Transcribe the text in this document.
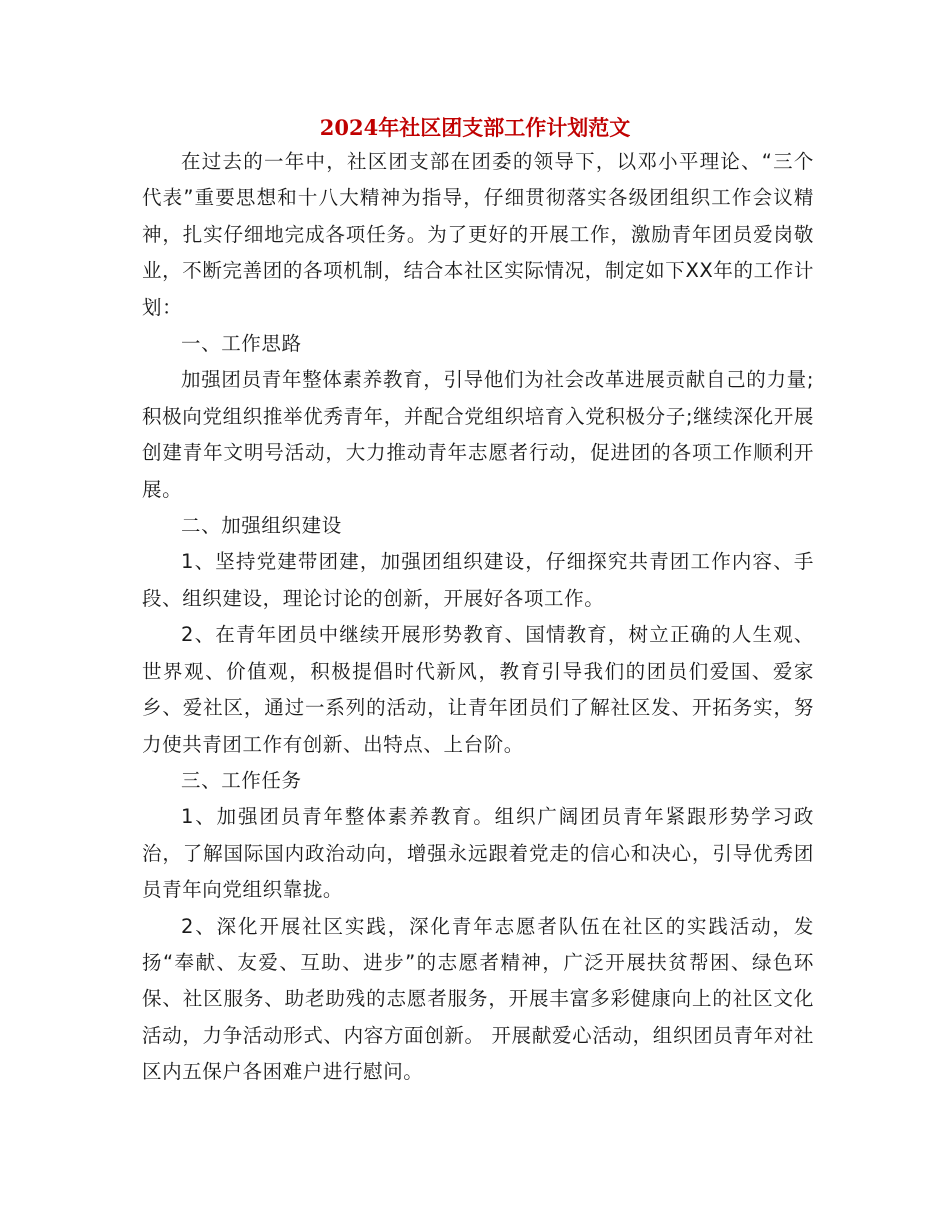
2024年社区团支部工作计划范文

在过去的一年中，社区团支部在团委的领导下，以邓小平理论、“三个代表”重要思想和十八大精神为指导，仔细贯彻落实各级团组织工作会议精神，扎实仔细地完成各项任务。为了更好的开展工作，激励青年团员爱岗敬业，不断完善团的各项机制，结合本社区实际情况，制定如下XX年的工作计划：

一、工作思路

加强团员青年整体素养教育，引导他们为社会改革进展贡献自己的力量;积极向党组织推举优秀青年，并配合党组织培育入党积极分子;继续深化开展创建青年文明号活动，大力推动青年志愿者行动，促进团的各项工作顺利开展。

二、加强组织建设

1、坚持党建带团建，加强团组织建设，仔细探究共青团工作内容、手段、组织建设，理论讨论的创新，开展好各项工作。

2、在青年团员中继续开展形势教育、国情教育，树立正确的人生观、世界观、价值观，积极提倡时代新风，教育引导我们的团员们爱国、爱家乡、爱社区，通过一系列的活动，让青年团员们了解社区发、开拓务实，努力使共青团工作有创新、出特点、上台阶。

三、工作任务

1、加强团员青年整体素养教育。组织广阔团员青年紧跟形势学习政治，了解国际国内政治动向，增强永远跟着党走的信心和决心，引导优秀团员青年向党组织靠拢。

2、深化开展社区实践，深化青年志愿者队伍在社区的实践活动，发扬“奉献、友爱、互助、进步”的志愿者精神，广泛开展扶贫帮困、绿色环保、社区服务、助老助残的志愿者服务，开展丰富多彩健康向上的社区文化活动，力争活动形式、内容方面创新。 开展献爱心活动，组织团员青年对社区内五保户各困难户进行慰问。
